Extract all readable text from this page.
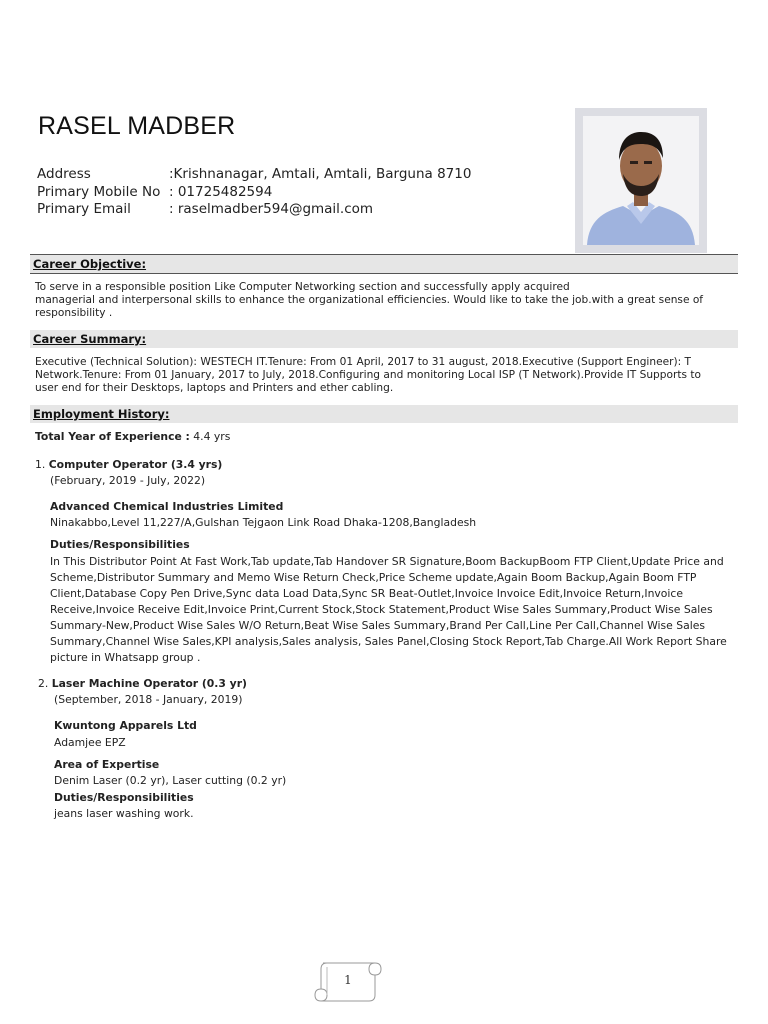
RASEL MADBER
Address	:Krishnanagar, Amtali, Amtali, Barguna 8710
Primary Mobile No : 01725482594
Primary Email	: raselmadber594@gmail.com
Career Objective:
To serve in a responsible position Like Computer Networking section and successfully apply acquired
managerial and interpersonal skills to enhance the organizational efficiencies. Would like to take the job.with a great sense of
responsibility .
Career Summary:
Executive (Technical Solution): WESTECH IT.Tenure: From 01 April, 2017 to 31 august, 2018.Executive (Support Engineer): T
Network.Tenure: From 01 January, 2017 to July, 2018.Configuring and monitoring Local ISP (T Network).Provide IT Supports to
user end for their Desktops, laptops and Printers and ether cabling.
Employment History:
Total Year of Experience : 4.4 yrs
1. Computer Operator (3.4 yrs)
(February, 2019 - July, 2022)
Advanced Chemical Industries Limited
Ninakabbo,Level 11,227/A,Gulshan Tejgaon Link Road Dhaka-1208,Bangladesh
Duties/Responsibilities
In This Distributor Point At Fast Work,Tab update,Tab Handover SR Signature,Boom BackupBoom FTP Client,Update Price and
Scheme,Distributor Summary and Memo Wise Return Check,Price Scheme update,Again Boom Backup,Again Boom FTP
Client,Database Copy Pen Drive,Sync data Load Data,Sync SR Beat-Outlet,Invoice Invoice Edit,Invoice Return,Invoice
Receive,Invoice Receive Edit,Invoice Print,Current Stock,Stock Statement,Product Wise Sales Summary,Product Wise Sales
Summary-New,Product Wise Sales W/O Return,Beat Wise Sales Summary,Brand Per Call,Line Per Call,Channel Wise Sales
Summary,Channel Wise Sales,KPI analysis,Sales analysis, Sales Panel,Closing Stock Report,Tab Charge.All Work Report Share
picture in Whatsapp group .
2. Laser Machine Operator (0.3 yr)
(September, 2018 - January, 2019)
Kwuntong Apparels Ltd
Adamjee EPZ
Area of Expertise
Denim Laser (0.2 yr), Laser cutting (0.2 yr)
Duties/Responsibilities
jeans laser washing work.
1
